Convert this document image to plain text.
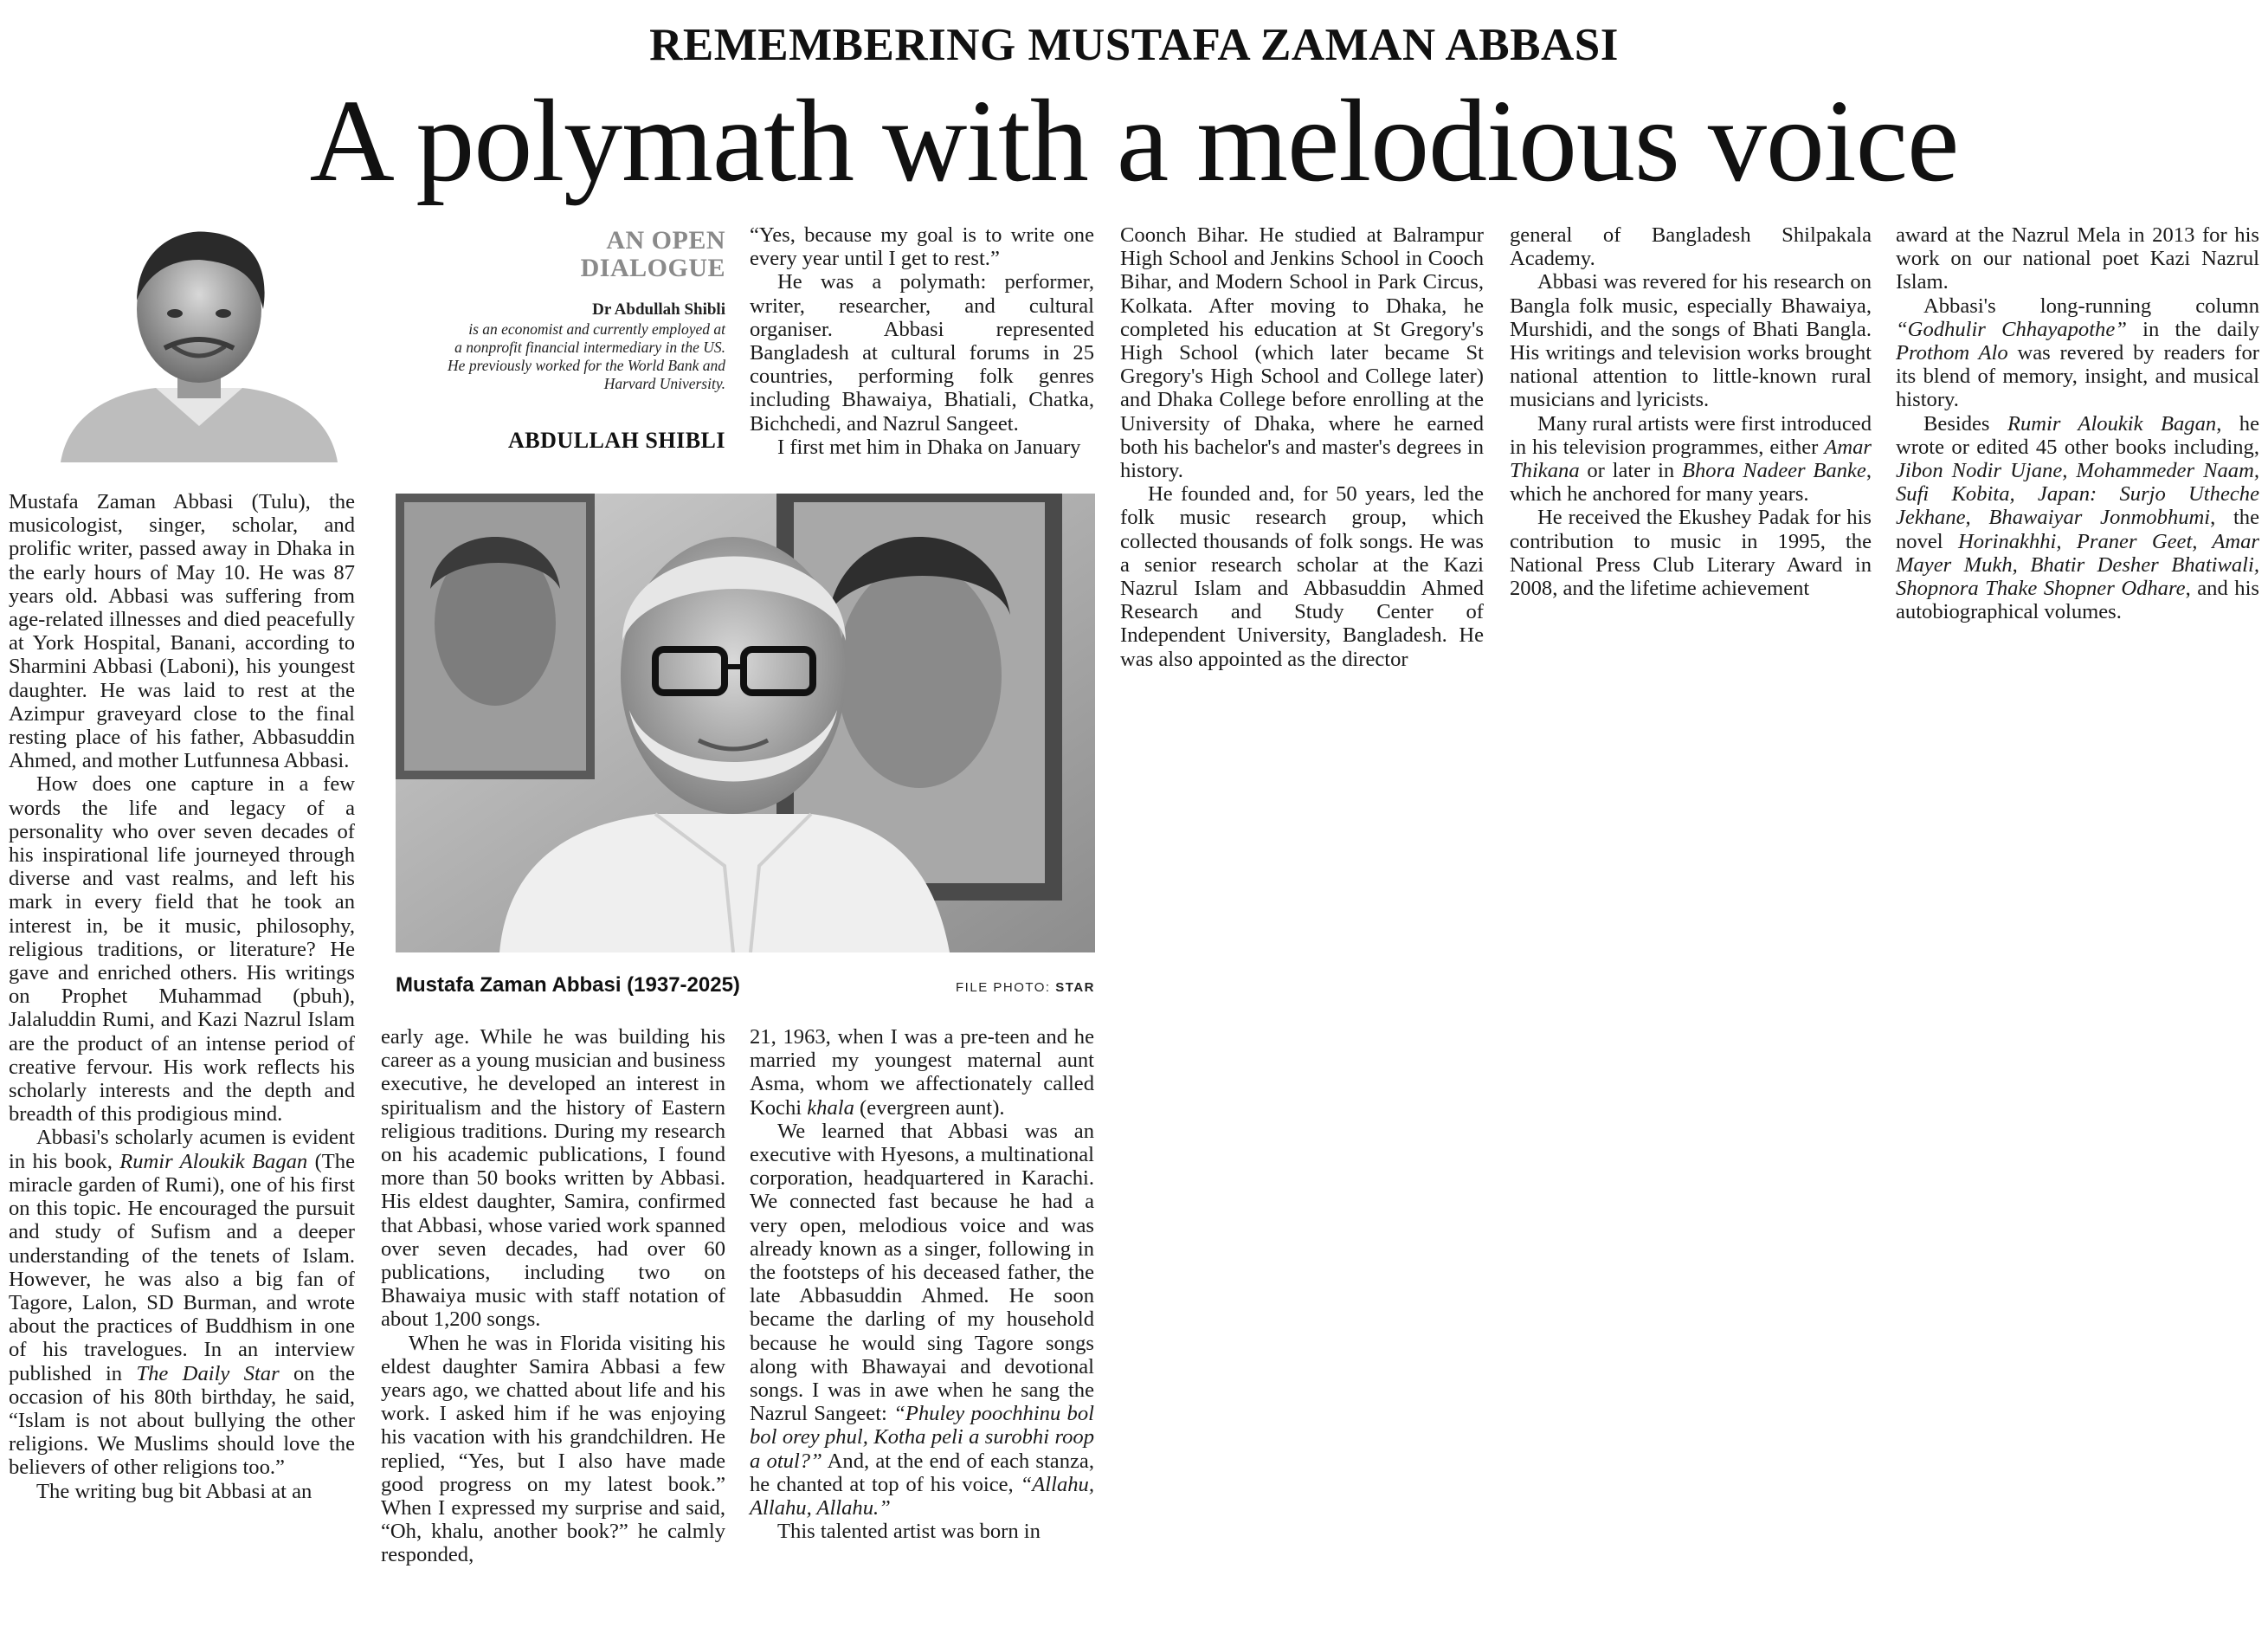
REMEMBERING MUSTAFA ZAMAN ABBASI
A polymath with a melodious voice
AN OPEN
DIALOGUE
Dr Abdullah Shibli
is an economist and currently employed at
a nonprofit financial intermediary in the US.
He previously worked for the World Bank and
Harvard University.
ABDULLAH SHIBLI
Mustafa Zaman Abbasi (1937-2025)	FILE PHOTO: STAR

Mustafa Zaman Abbasi (Tulu), the musicologist, singer, scholar, and prolific writer, passed away in Dhaka in the early hours of May 10. He was 87 years old. Abbasi was suffering from age-related illnesses and died peacefully at York Hospital, Banani, according to Sharmini Abbasi (Laboni), his youngest daughter. He was laid to rest at the Azimpur graveyard close to the final resting place of his father, Abbasuddin Ahmed, and mother Lutfunnesa Abbasi.

How does one capture in a few words the life and legacy of a personality who over seven decades of his inspirational life journeyed through diverse and vast realms, and left his mark in every field that he took an interest in, be it music, philosophy, religious traditions, or literature? He gave and enriched others. His writings on Prophet Muhammad (pbuh), Jalaluddin Rumi, and Kazi Nazrul Islam are the product of an intense period of creative fervour. His work reflects his scholarly interests and the depth and breadth of this prodigious mind.

Abbasi's scholarly acumen is evident in his book, Rumir Aloukik Bagan (The miracle garden of Rumi), one of his first on this topic. He encouraged the pursuit and study of Sufism and a deeper understanding of the tenets of Islam. However, he was also a big fan of Tagore, Lalon, SD Burman, and wrote about the practices of Buddhism in one of his travelogues. In an interview published in The Daily Star on the occasion of his 80th birthday, he said, “Islam is not about bullying the other religions. We Muslims should love the believers of other religions too.”

The writing bug bit Abbasi at an

early age. While he was building his career as a young musician and business executive, he developed an interest in spiritualism and the history of Eastern religious traditions. During my research on his academic publications, I found more than 50 books written by Abbasi. His eldest daughter, Samira, confirmed that Abbasi, whose varied work spanned over seven decades, had over 60 publications, including two on Bhawaiya music with staff notation of about 1,200 songs.

When he was in Florida visiting his eldest daughter Samira Abbasi a few years ago, we chatted about life and his work. I asked him if he was enjoying his vacation with his grandchildren. He replied, “Yes, but I also have made good progress on my latest book.” When I expressed my surprise and said, “Oh, khalu, another book?” he calmly responded,

“Yes, because my goal is to write one every year until I get to rest.”

He was a polymath: performer, writer, researcher, and cultural organiser. Abbasi represented Bangladesh at cultural forums in 25 countries, performing folk genres including Bhawaiya, Bhatiali, Chatka, Bichchedi, and Nazrul Sangeet.

I first met him in Dhaka on January

21, 1963, when I was a pre-teen and he married my youngest maternal aunt Asma, whom we affectionately called Kochi khala (evergreen aunt).

We learned that Abbasi was an executive with Hyesons, a multinational corporation, headquartered in Karachi. We connected fast because he had a very open, melodious voice and was already known as a singer, following in the footsteps of his deceased father, the late Abbasuddin Ahmed. He soon became the darling of my household because he would sing Tagore songs along with Bhawayai and devotional songs. I was in awe when he sang the Nazrul Sangeet: “Phuley poochhinu bol bol orey phul, Kotha peli a surobhi roop a otul?” And, at the end of each stanza, he chanted at top of his voice, “Allahu, Allahu, Allahu.”

This talented artist was born in

Coonch Bihar. He studied at Balrampur High School and Jenkins School in Cooch Bihar, and Modern School in Park Circus, Kolkata. After moving to Dhaka, he completed his education at St Gregory's High School (which later became St Gregory's High School and College later) and Dhaka College before enrolling at the University of Dhaka, where he earned both his bachelor's and master's degrees in history.

He founded and, for 50 years, led the folk music research group, which collected thousands of folk songs. He was a senior research scholar at the Kazi Nazrul Islam and Abbasuddin Ahmed Research and Study Center of Independent University, Bangladesh. He was also appointed as the director

general of Bangladesh Shilpakala Academy.

Abbasi was revered for his research on Bangla folk music, especially Bhawaiya, Murshidi, and the songs of Bhati Bangla. His writings and television works brought national attention to little-known rural musicians and lyricists.

Many rural artists were first introduced in his television programmes, either Amar Thikana or later in Bhora Nadeer Banke, which he anchored for many years.

He received the Ekushey Padak for his contribution to music in 1995, the National Press Club Literary Award in 2008, and the lifetime achievement

award at the Nazrul Mela in 2013 for his work on our national poet Kazi Nazrul Islam.

Abbasi's long-running column “Godhulir Chhayapothe” in the daily Prothom Alo was revered by readers for its blend of memory, insight, and musical history.

Besides Rumir Aloukik Bagan, he wrote or edited 45 other books including, Jibon Nodir Ujane, Mohammeder Naam, Sufi Kobita, Japan: Surjo Utheche Jekhane, Bhawaiyar Jonmobhumi, the novel Horinakhhi, Praner Geet, Amar Mayer Mukh, Bhatir Desher Bhatiwali, Shopnora Thake Shopner Odhare, and his autobiographical volumes.
